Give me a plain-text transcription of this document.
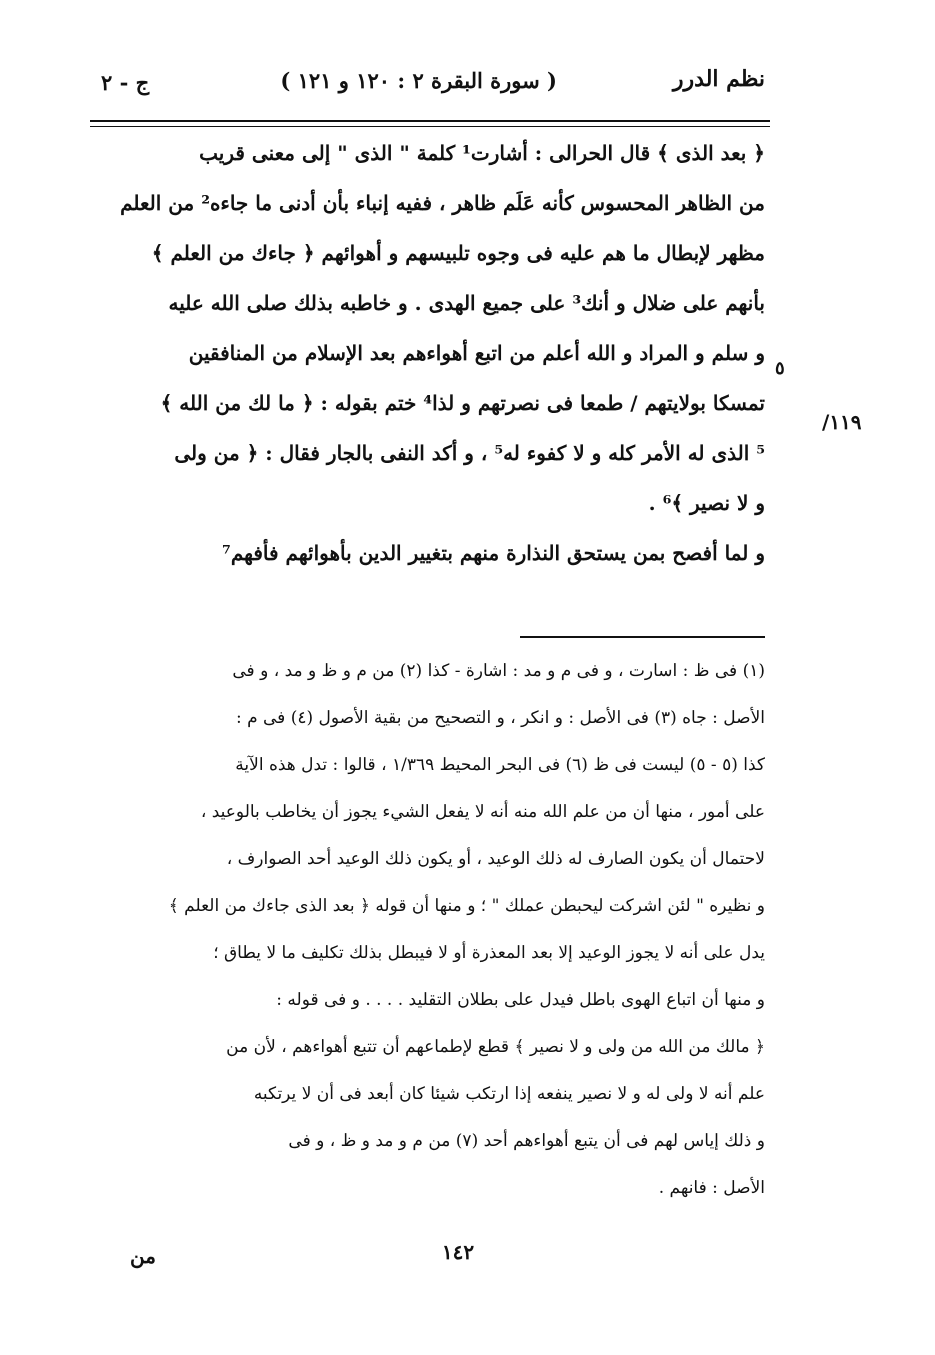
نظم الدرر
( سورة البقرة ٢ : ١٢٠ و ١٢١ )
ج - ٢
﴿ بعد الذى ﴾ قال الحرالى : أشارت¹ كلمة " الذى " إلى معنى قريب
من الظاهر المحسوس كأنه عَلَم ظاهر ، ففيه إنباء بأن أدنى ما جاءه² من العلم
مظهر لإبطال ما هم عليه فى وجوه تلبيسهم و أهوائهم ﴿ جاءك من العلم ﴾
بأنهم على ضلال و أنك³ على جميع الهدى . و خاطبه بذلك صلى الله عليه
و سلم و المراد و الله أعلم من اتبع أهواءهم بعد الإسلام من المنافقين
تمسكا بولايتهم / طمعا فى نصرتهم و لذا⁴ ختم بقوله : ﴿ ما لك من الله ﴾
⁵ الذى له الأمر كله و لا كفوء له⁵ ، و أكد النفى بالجار فقال : ﴿ من ولى
و لا نصير ﴾⁶ .
و لما أفصح بمن يستحق النذارة منهم بتغيير الدين بأهوائهم فأفهم⁷
٥
١١٩/
(١) فى ظ : اسارت ، و فى م و مد : اشارة - كذا (٢) من م و ظ و مد ، و فى
الأصل : جاه (٣) فى الأصل : و انكر ، و التصحيح من بقية الأصول (٤) فى م :
كذا (٥ - ٥) ليست فى ظ (٦) فى البحر المحيط ١/٣٦٩ ، قالوا : تدل هذه الآية
على أمور ، منها أن من علم الله منه أنه لا يفعل الشيء يجوز أن يخاطب بالوعيد ،
لاحتمال أن يكون الصارف له ذلك الوعيد ، أو يكون ذلك الوعيد أحد الصوارف ،
و نظيره " لئن اشركت ليحبطن عملك " ؛ و منها أن قوله ﴿ بعد الذى جاءك من العلم ﴾
يدل على أنه لا يجوز الوعيد إلا بعد المعذرة أو لا فيبطل بذلك تكليف ما لا يطاق ؛
و منها أن اتباع الهوى باطل فيدل على بطلان التقليد . . . . و فى قوله :
﴿ مالك من الله من ولى و لا نصير ﴾ قطع لإطماعهم أن تتبع أهواءهم ، لأن من
علم أنه لا ولى له و لا نصير ينفعه إذا ارتكب شيئا كان أبعد فى أن لا يرتكبه
و ذلك إياس لهم فى أن يتبع أهواءهم أحد (٧) من م و مد و ظ ، و فى
الأصل : فانهم .
١٤٢
من
